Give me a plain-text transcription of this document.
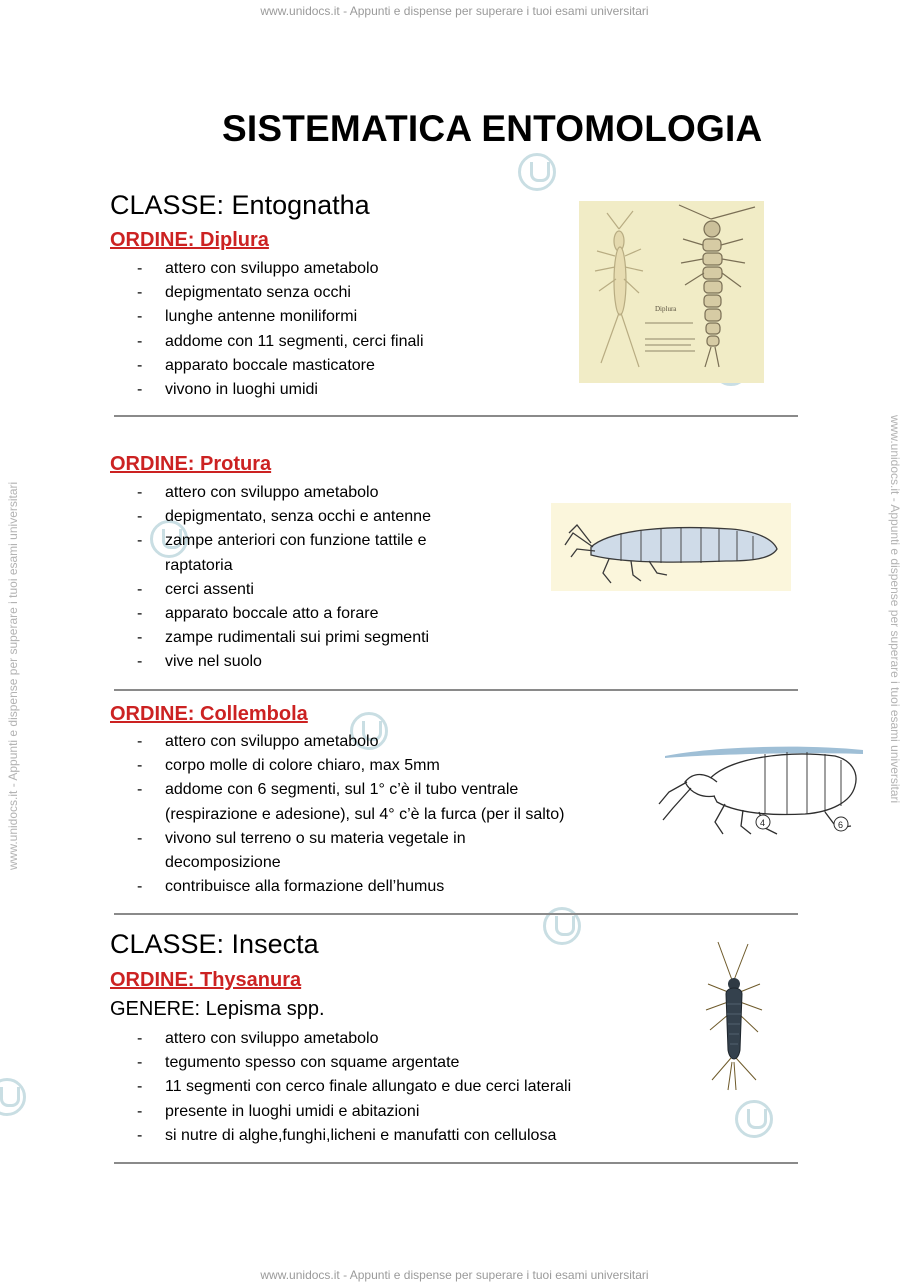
www.unidocs.it - Appunti e dispense per superare i tuoi esami universitari
www.unidocs.it - Appunti e dispense per superare i tuoi esami universitari
www.unidocs.it - Appunti e dispense per superare i tuoi esami universitari	www.unidocs.it - Appunti e dispense per superare i tuoi esami universitari
SISTEMATICA ENTOMOLOGIA
CLASSE: Entognatha
ORDINE: Diplura
- attero con sviluppo ametabolo
- depigmentato senza occhi
- lunghe antenne moniliformi
- addome con 11 segmenti, cerci finali
- apparato boccale masticatore
- vivono in luoghi umidi
Diplura
ORDINE: Protura
- attero con sviluppo ametabolo
- depigmentato, senza occhi e antenne
- zampe anteriori con funzione tattile e
raptatoria
- cerci assenti
- apparato boccale atto a forare
- zampe rudimentali sui primi segmenti
- vive nel suolo
ORDINE: Collembola
- attero con sviluppo ametabolo
- corpo molle di colore chiaro, max 5mm
- addome con 6 segmenti, sul 1° c’è il tubo ventrale
(respirazione e adesione), sul 4° c’è la furca (per il salto)
- vivono sul terreno o su materia vegetale in
decomposizione
- contribuisce alla formazione dell’humus
4	6
CLASSE: Insecta
ORDINE: Thysanura
GENERE: Lepisma spp.
- attero con sviluppo ametabolo
- tegumento spesso con squame argentate
- 11 segmenti con cerco finale allungato e due cerci laterali
- presente in luoghi umidi e abitazioni
- si nutre di alghe,funghi,licheni e manufatti con cellulosa
